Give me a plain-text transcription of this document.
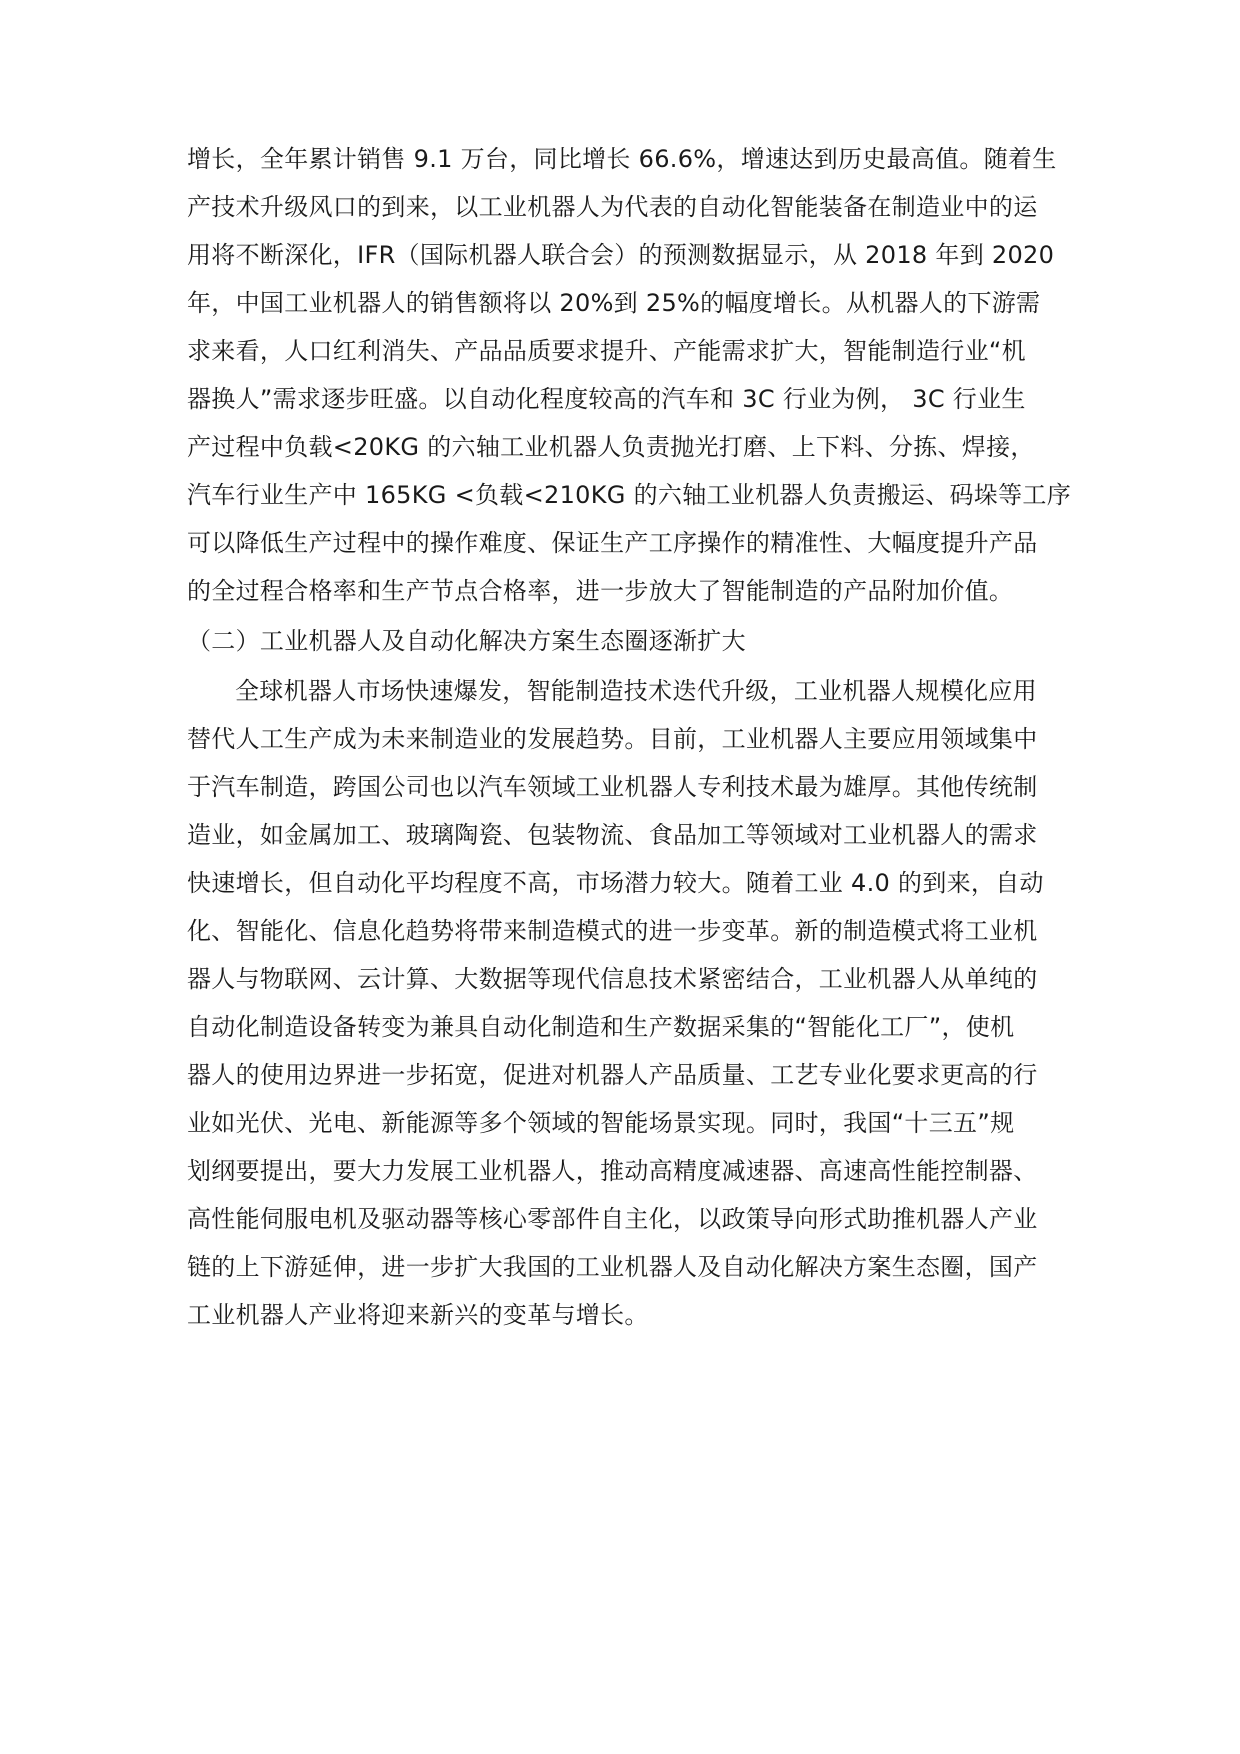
增长，全年累计销售 9.1 万台，同比增长 66.6%，增速达到历史最高值。随着生

产技术升级风口的到来，以工业机器人为代表的自动化智能装备在制造业中的运

用将不断深化，IFR（国际机器人联合会）的预测数据显示，从 2018 年到 2020

年，中国工业机器人的销售额将以 20%到 25%的幅度增长。从机器人的下游需

求来看，人口红利消失、产品品质要求提升、产能需求扩大，智能制造行业“机

器换人”需求逐步旺盛。以自动化程度较高的汽车和 3C 行业为例， 3C 行业生

产过程中负载<20KG 的六轴工业机器人负责抛光打磨、上下料、分拣、焊接，

汽车行业生产中 165KG <负载<210KG 的六轴工业机器人负责搬运、码垛等工序

可以降低生产过程中的操作难度、保证生产工序操作的精准性、大幅度提升产品

的全过程合格率和生产节点合格率，进一步放大了智能制造的产品附加价值。

（二）工业机器人及自动化解决方案生态圈逐渐扩大

全球机器人市场快速爆发，智能制造技术迭代升级，工业机器人规模化应用

替代人工生产成为未来制造业的发展趋势。目前，工业机器人主要应用领域集中

于汽车制造，跨国公司也以汽车领域工业机器人专利技术最为雄厚。其他传统制

造业，如金属加工、玻璃陶瓷、包装物流、食品加工等领域对工业机器人的需求

快速增长，但自动化平均程度不高，市场潜力较大。随着工业 4.0 的到来，自动

化、智能化、信息化趋势将带来制造模式的进一步变革。新的制造模式将工业机

器人与物联网、云计算、大数据等现代信息技术紧密结合，工业机器人从单纯的

自动化制造设备转变为兼具自动化制造和生产数据采集的“智能化工厂”，使机

器人的使用边界进一步拓宽，促进对机器人产品质量、工艺专业化要求更高的行

业如光伏、光电、新能源等多个领域的智能场景实现。同时，我国“十三五”规

划纲要提出，要大力发展工业机器人，推动高精度减速器、高速高性能控制器、

高性能伺服电机及驱动器等核心零部件自主化，以政策导向形式助推机器人产业

链的上下游延伸，进一步扩大我国的工业机器人及自动化解决方案生态圈，国产

工业机器人产业将迎来新兴的变革与增长。
